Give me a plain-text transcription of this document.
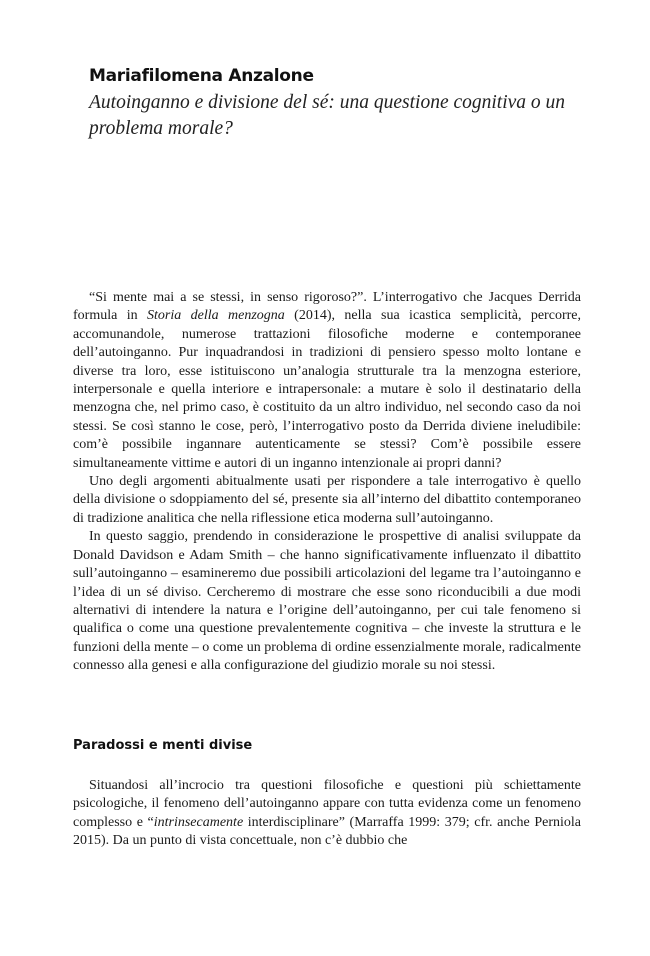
Mariafilomena Anzalone
Autoinganno e divisione del sé: una questione cognitiva o un problema morale?

“Si mente mai a se stessi, in senso rigoroso?”. L’interrogativo che Jacques Derrida formula in Storia della menzogna (2014), nella sua icastica semplicità, percorre, accomunandole, numerose trattazioni filosofiche moderne e contemporanee dell’autoinganno. Pur inquadrandosi in tradizioni di pensiero spesso molto lontane e diverse tra loro, esse istituiscono un’analogia strutturale tra la menzogna esteriore, interpersonale e quella interiore e intrapersonale: a mutare è solo il destinatario della menzogna che, nel primo caso, è costituito da un altro individuo, nel secondo caso da noi stessi. Se così stanno le cose, però, l’interrogativo posto da Derrida diviene ineludibile: com’è possibile ingannare autenticamente se stessi? Com’è possibile essere simultaneamente vittime e autori di un inganno intenzionale ai propri danni?

Uno degli argomenti abitualmente usati per rispondere a tale interrogativo è quello della divisione o sdoppiamento del sé, presente sia all’interno del dibattito contemporaneo di tradizione analitica che nella riflessione etica moderna sull’autoinganno.

In questo saggio, prendendo in considerazione le prospettive di analisi sviluppate da Donald Davidson e Adam Smith – che hanno significativamente influenzato il dibattito sull’autoinganno – esamineremo due possibili articolazioni del legame tra l’autoinganno e l’idea di un sé diviso. Cercheremo di mostrare che esse sono riconducibili a due modi alternativi di intendere la natura e l’origine dell’autoinganno, per cui tale fenomeno si qualifica o come una questione prevalentemente cognitiva – che investe la struttura e le funzioni della mente – o come un problema di ordine essenzialmente morale, radicalmente connesso alla genesi e alla configurazione del giudizio morale su noi stessi.

Paradossi e menti divise

Situandosi all’incrocio tra questioni filosofiche e questioni più schiettamente psicologiche, il fenomeno dell’autoinganno appare con tutta evidenza come un fenomeno complesso e “intrinsecamente interdisciplinare” (Marraffa 1999: 379; cfr. anche Perniola 2015). Da un punto di vista concettuale, non c’è dubbio che
